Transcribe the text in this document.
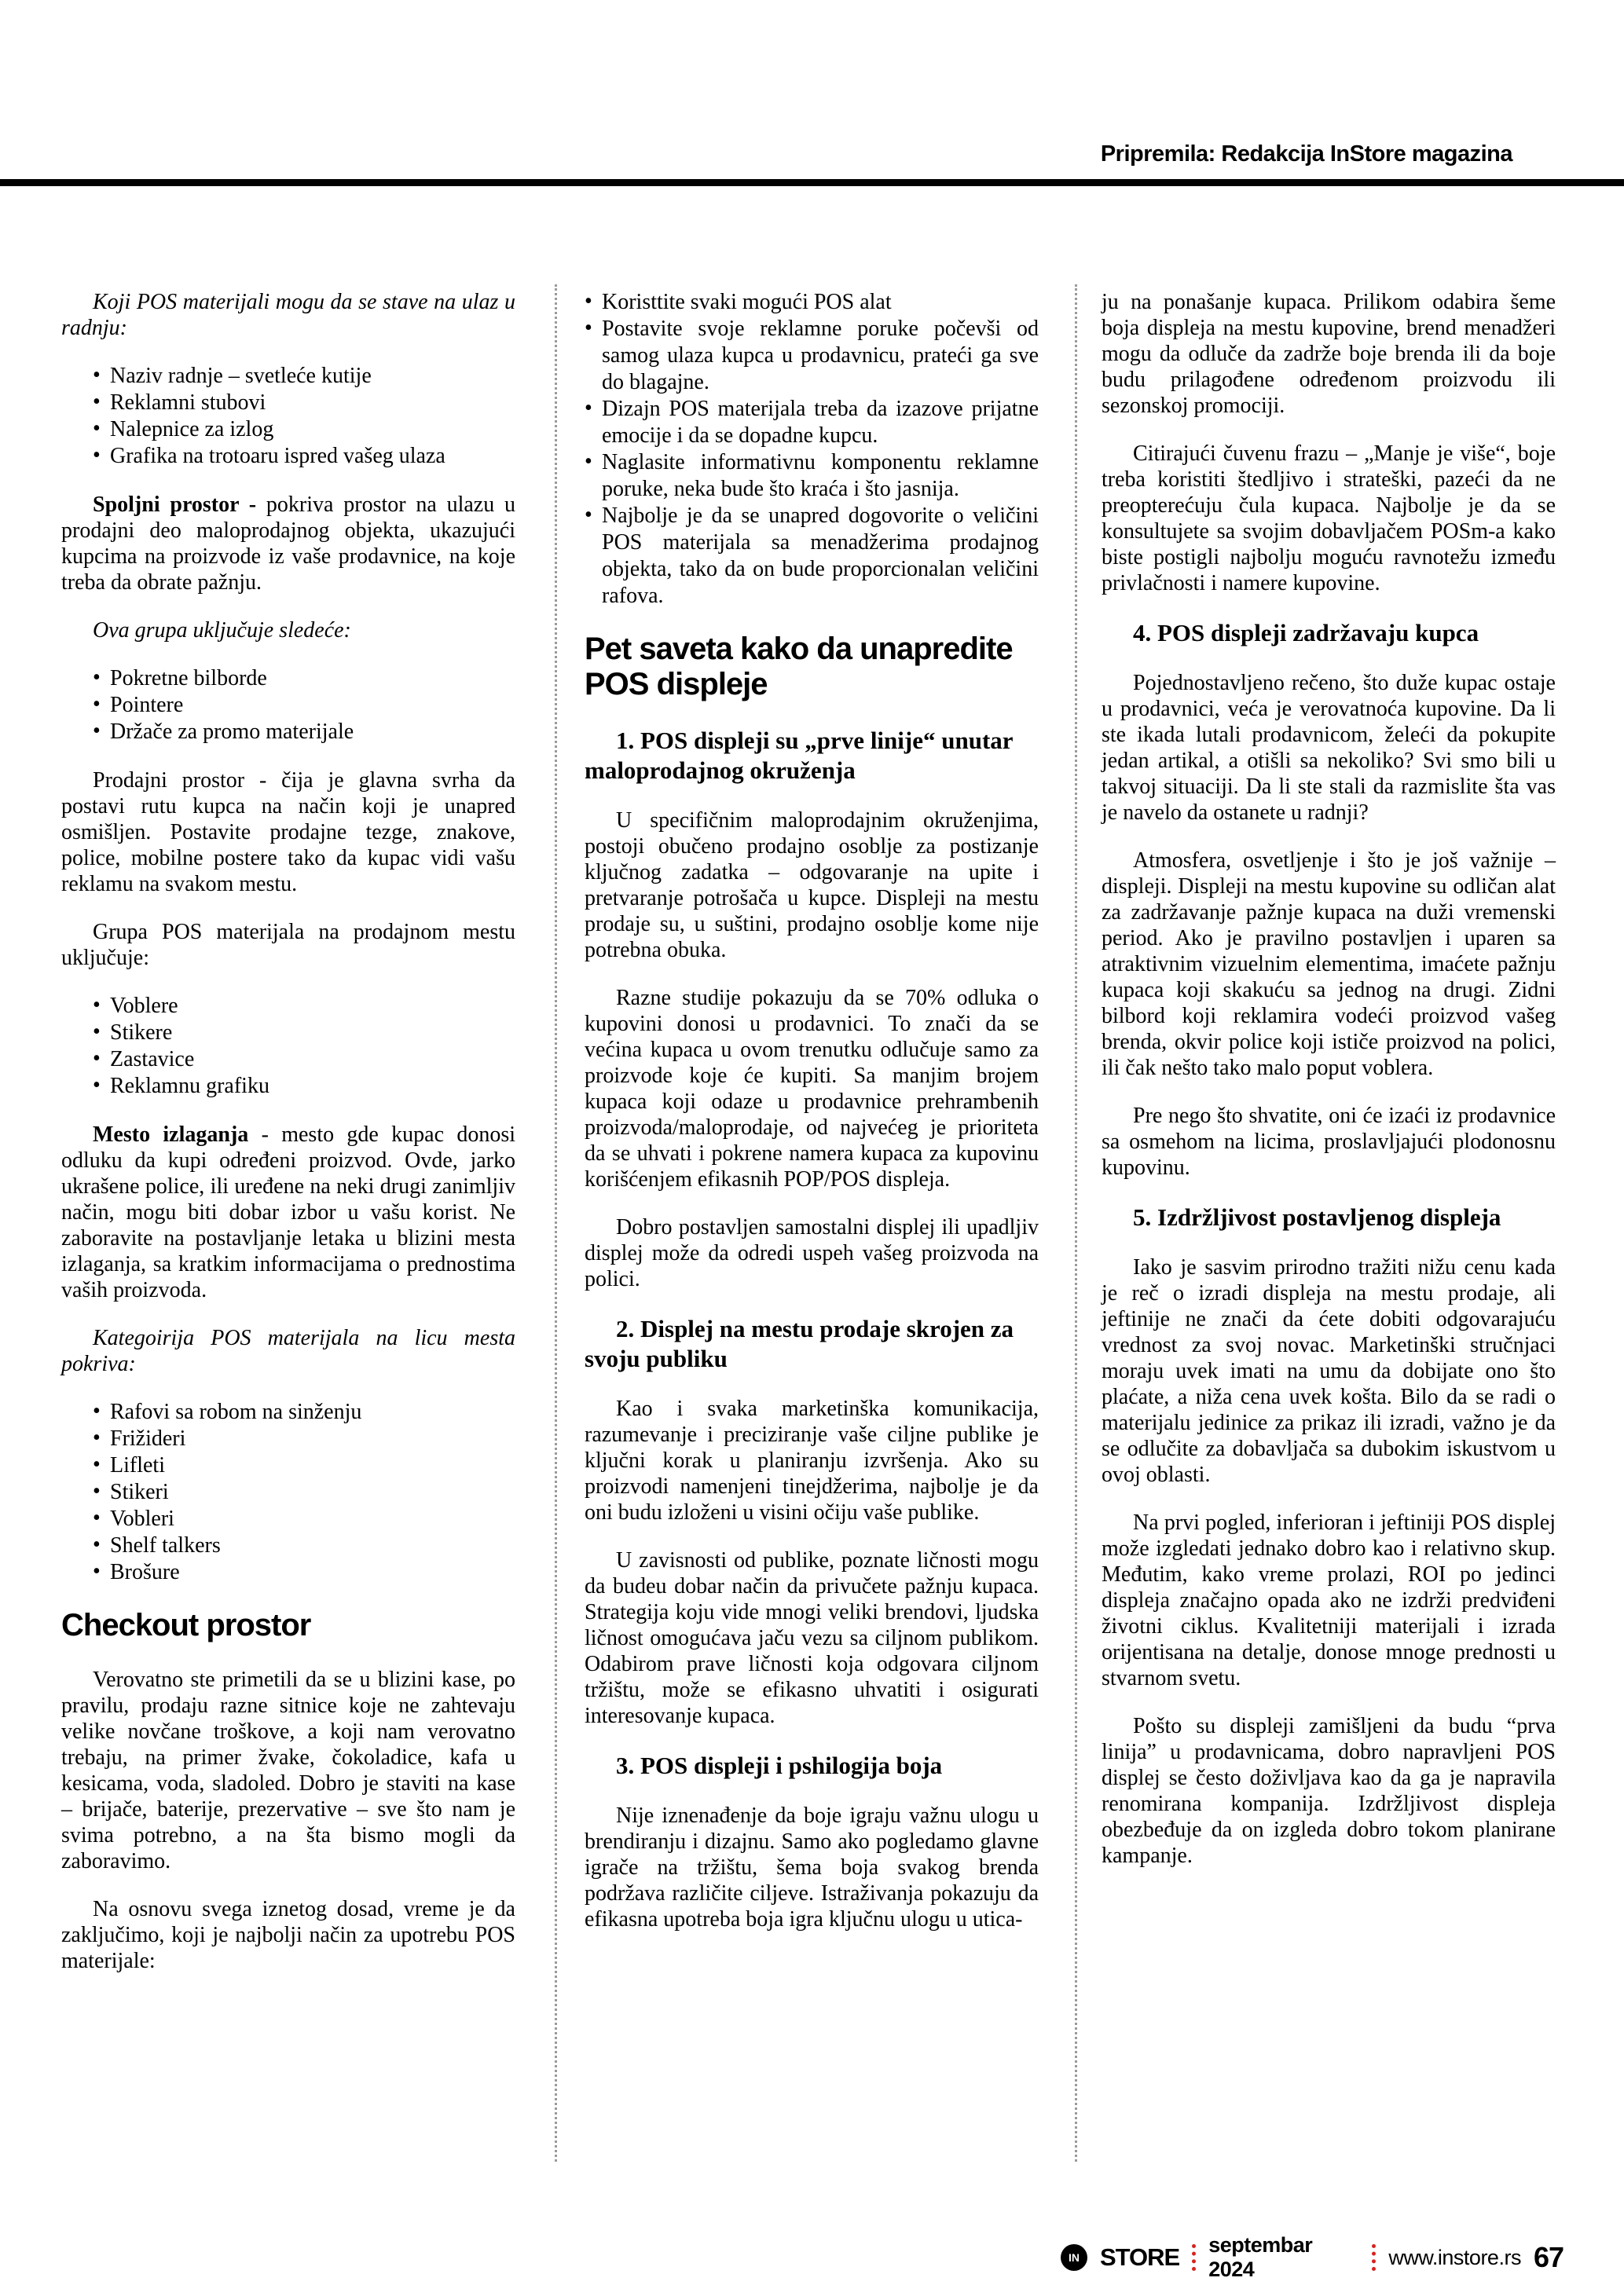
Pripremila: Redakcija InStore magazina

Koji POS materijali mogu da se stave na ulaz u radnju:

• Naziv radnje – svetleće kutije
• Reklamni stubovi
• Nalepnice za izlog
• Grafika na trotoaru ispred vašeg ulaza

Spoljni prostor - pokriva prostor na ulazu u prodajni deo maloprodajnog objekta, ukazujući kupcima na proizvode iz vaše prodavnice, na koje treba da obrate pažnju.

Ova grupa uključuje sledeće:

• Pokretne bilborde
• Pointere
• Držače za promo materijale

Prodajni prostor - čija je glavna svrha da postavi rutu kupca na način koji je unapred osmišljen. Postavite prodajne tezge, znakove, police, mobilne postere tako da kupac vidi vašu reklamu na svakom mestu.

Grupa POS materijala na prodajnom mestu uključuje:

• Voblere
• Stikere
• Zastavice
• Reklamnu grafiku

Mesto izlaganja - mesto gde kupac donosi odluku da kupi određeni proizvod. Ovde, jarko ukrašene police, ili uređene na neki drugi zanimljiv način, mogu biti dobar izbor u vašu korist. Ne zaboravite na postavljanje letaka u blizini mesta izlaganja, sa kratkim informacijama o prednostima vaših proizvoda.

Kategoirija POS materijala na licu mesta pokriva:

• Rafovi sa robom na sinženju
• Frižideri
• Lifleti
• Stikeri
• Vobleri
• Shelf talkers
• Brošure
Checkout prostor

Verovatno ste primetili da se u blizini kase, po pravilu, prodaju razne sitnice koje ne zahtevaju velike novčane troškove, a koji nam verovatno trebaju, na primer žvake, čokoladice, kafa u kesicama, voda, sladoled. Dobro je staviti na kase – brijače, baterije, prezervative – sve što nam je svima potrebno, a na šta bismo mogli da zaboravimo.

Na osnovu svega iznetog dosad, vreme je da zaključimo, koji je najbolji način za upotrebu POS materijale:

• Koristtite svaki mogući POS alat
• Postavite svoje reklamne poruke počevši od samog ulaza kupca u prodavnicu, prateći ga sve do blagajne.
• Dizajn POS materijala treba da izazove prijatne emocije i da se dopadne kupcu.
• Naglasite informativnu komponentu reklamne poruke, neka bude što kraća i što jasnija.
• Najbolje je da se unapred dogovorite o veličini POS materijala sa menadžerima prodajnog objekta, tako da on bude proporcionalan veličini rafova.
Pet saveta kako da unapredite POS displeje
1. POS displeji su „prve linije“ unutar maloprodajnog okruženja

U specifičnim maloprodajnim okruženjima, postoji obučeno prodajno osoblje za postizanje ključnog zadatka – odgovaranje na upite i pretvaranje potrošača u kupce. Displeji na mestu prodaje su, u suštini, prodajno osoblje kome nije potrebna obuka.

Razne studije pokazuju da se 70% odluka o kupovini donosi u prodavnici. To znači da se većina kupaca u ovom trenutku odlučuje samo za proizvode koje će kupiti. Sa manjim brojem kupaca koji odaze u prodavnice prehrambenih proizvoda/maloprodaje, od najvećeg je prioriteta da se uhvati i pokrene namera kupaca za kupovinu korišćenjem efikasnih POP/POS displeja.

Dobro postavljen samostalni displej ili upadljiv displej može da odredi uspeh vašeg proizvoda na polici.

2. Displej na mestu prodaje skrojen za svoju publiku

Kao i svaka marketinška komunikacija, razumevanje i preciziranje vaše ciljne publike je ključni korak u planiranju izvršenja. Ako su proizvodi namenjeni tinejdžerima, najbolje je da oni budu izloženi u visini očiju vaše publike.

U zavisnosti od publike, poznate ličnosti mogu da budeu dobar način da privučete pažnju kupaca. Strategija koju vide mnogi veliki brendovi, ljudska ličnost omogućava jaču vezu sa ciljnom publikom. Odabirom prave ličnosti koja odgovara ciljnom tržištu, može se efikasno uhvatiti i osigurati interesovanje kupaca.

3. POS displeji i pshilogija boja

Nije iznenađenje da boje igraju važnu ulogu u brendiranju i dizajnu. Samo ako pogledamo glavne igrače na tržištu, šema boja svakog brenda podržava različite ciljeve. Istraživanja pokazuju da efikasna upotreba boja igra ključnu ulogu u utica-

ju na ponašanje kupaca. Prilikom odabira šeme boja displeja na mestu kupovine, brend menadžeri mogu da odluče da zadrže boje brenda ili da boje budu prilagođene određenom proizvodu ili sezonskoj promociji.

Citirajući čuvenu frazu – „Manje je više“, boje treba koristiti štedljivo i strateški, pazeći da ne preopterećuju čula kupaca. Najbolje je da se konsultujete sa svojim dobavljačem POSm-a kako biste postigli najbolju moguću ravnotežu između privlačnosti i namere kupovine.

4. POS displeji zadržavaju kupca

Pojednostavljeno rečeno, što duže kupac ostaje u prodavnici, veća je verovatnoća kupovine. Da li ste ikada lutali prodavnicom, želeći da pokupite jedan artikal, a otišli sa nekoliko? Svi smo bili u takvoj situaciji. Da li ste stali da razmislite šta vas je navelo da ostanete u radnji?

Atmosfera, osvetljenje i što je još važnije – displeji. Displeji na mestu kupovine su odličan alat za zadržavanje pažnje kupaca na duži vremenski period. Ako je pravilno postavljen i uparen sa atraktivnim vizuelnim elementima, imaćete pažnju kupaca koji skakuću sa jednog na drugi. Zidni bilbord koji reklamira vodeći proizvod vašeg brenda, okvir police koji ističe proizvod na polici, ili čak nešto tako malo poput voblera.

Pre nego što shvatite, oni će izaći iz prodavnice sa osmehom na licima, proslavljajući plodonosnu kupovinu.

5. Izdržljivost postavljenog displeja

Iako je sasvim prirodno tražiti nižu cenu kada je reč o izradi displeja na mestu prodaje, ali jeftinije ne znači da ćete dobiti odgovarajuću vrednost za svoj novac. Marketinški stručnjaci moraju uvek imati na umu da dobijate ono što plaćate, a niža cena uvek košta. Bilo da se radi o materijalu jedinice za prikaz ili izradi, važno je da se odlučite za dobavljača sa dubokim iskustvom u ovoj oblasti.

Na prvi pogled, inferioran i jeftiniji POS displej može izgledati jednako dobro kao i relativno skup. Međutim, kako vreme prolazi, ROI po jedinci displeja značajno opada ako ne izdrži predviđeni životni ciklus. Kvalitetniji materijali i izrada orijentisana na detalje, donose mnoge prednosti u stvarnom svetu.

Pošto su displeji zamišljeni da budu “prva linija” u prodavnicama, dobro napravljeni POS displej se često doživljava kao da ga je napravila renomirana kompanija. Izdržljivost displeja obezbeđuje da on izgleda dobro tokom planirane kampanje.

IN STORE septembar 2024
www.instore.rs 67
